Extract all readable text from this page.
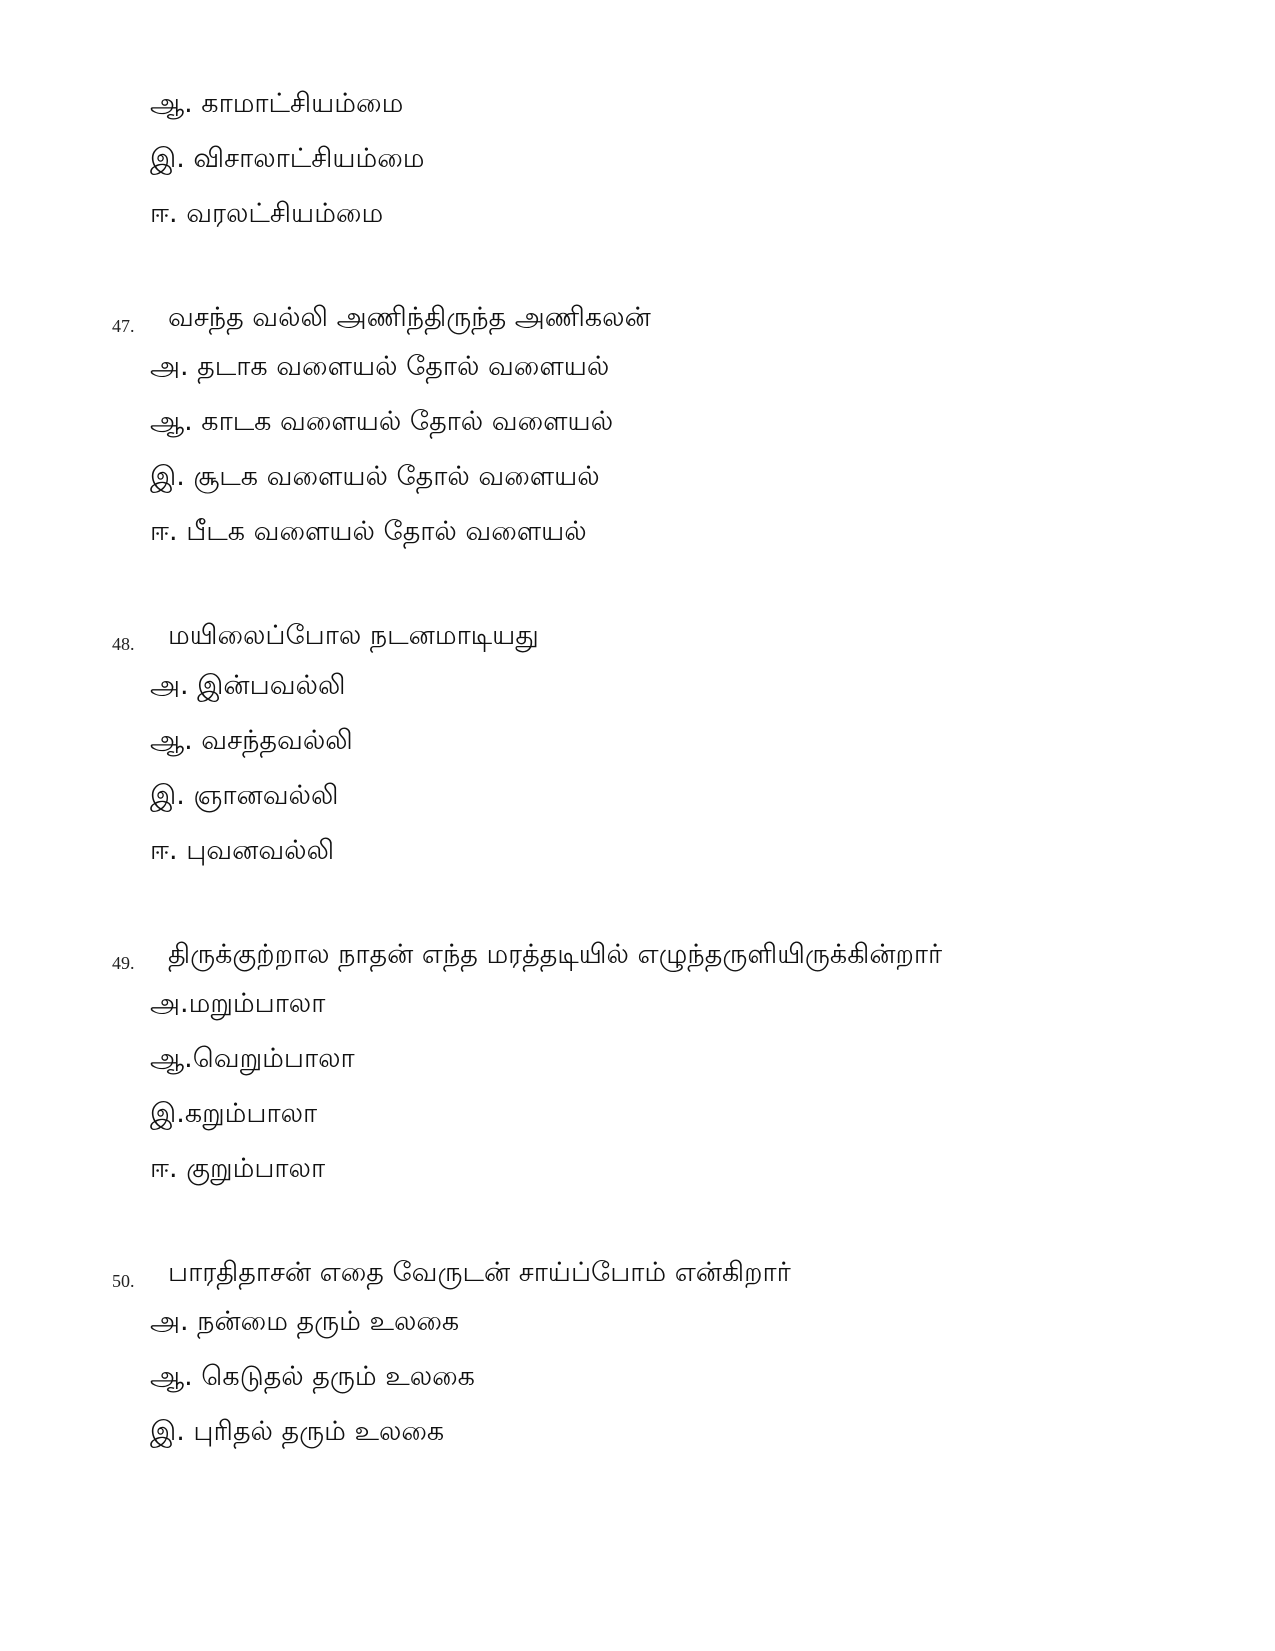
ஆ. காமாட்சியம்மை
இ. விசாலாட்சியம்மை
ஈ. வரலட்சியம்மை
47. வசந்த வல்லி அணிந்திருந்த அணிகலன்
அ. தடாக வளையல் தோல் வளையல்
ஆ. காடக வளையல் தோல் வளையல்
இ. சூடக வளையல் தோல் வளையல்
ஈ. பீடக வளையல் தோல் வளையல்
48. மயிலைப்போல நடனமாடியது
அ. இன்பவல்லி
ஆ. வசந்தவல்லி
இ. ஞானவல்லி
ஈ. புவனவல்லி
49. திருக்குற்றால நாதன் எந்த மரத்தடியில் எழுந்தருளியிருக்கின்றார்
அ.மறும்பாலா
ஆ.வெறும்பாலா
இ.கறும்பாலா
ஈ. குறும்பாலா
50. பாரதிதாசன் எதை வேருடன் சாய்ப்போம் என்கிறார்
அ. நன்மை தரும் உலகை
ஆ. கெடுதல் தரும் உலகை
இ. புரிதல் தரும் உலகை
